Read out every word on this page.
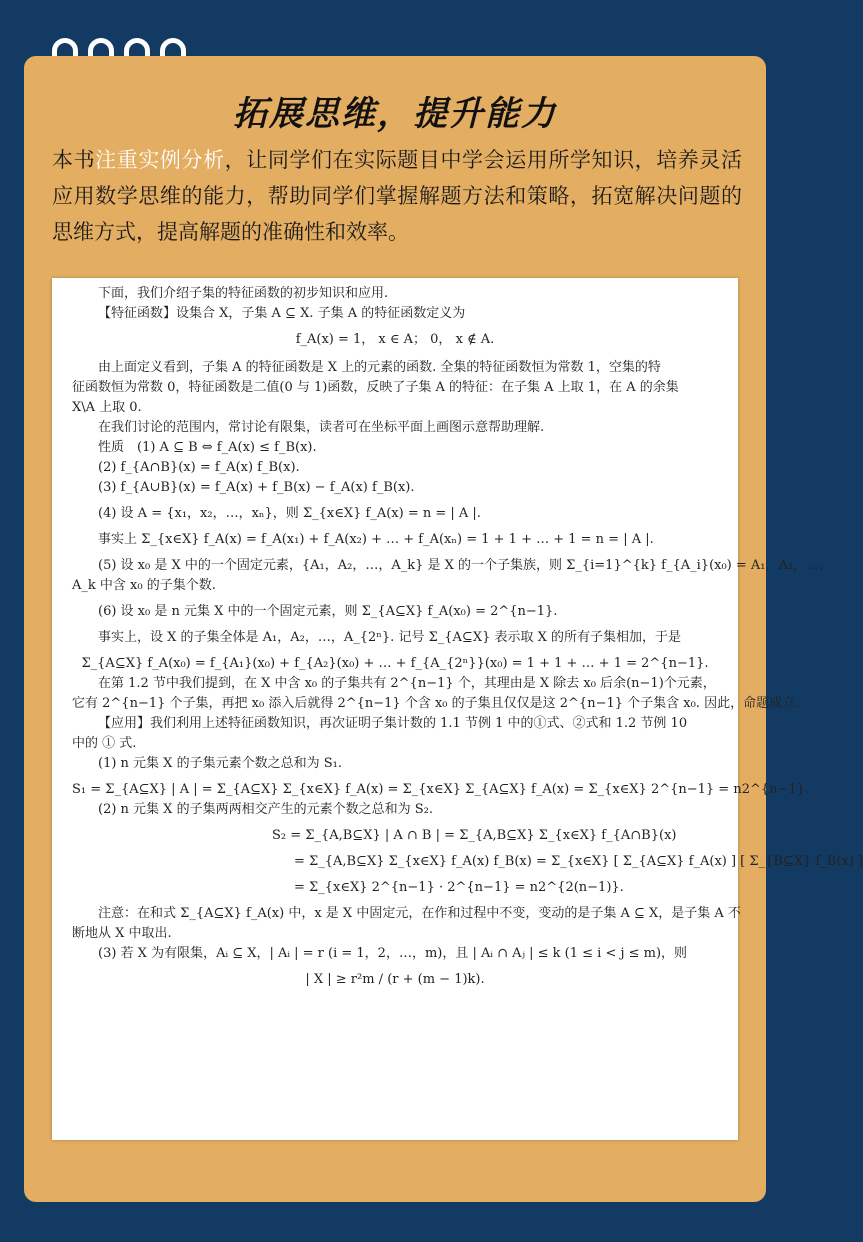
拓展思维，提升能力
本书注重实例分析，让同学们在实际题目中学会运用所学知识，培养灵活应用数学思维的能力，帮助同学们掌握解题方法和策略，拓宽解决问题的思维方式，提高解题的准确性和效率。

下面，我们介绍子集的特征函数的初步知识和应用.

【特征函数】设集合 X，子集 A ⊆ X. 子集 A 的特征函数定义为

f_A(x) = 1， x ∈ A； 0， x ∉ A.

由上面定义看到，子集 A 的特征函数是 X 上的元素的函数. 全集的特征函数恒为常数 1，空集的特

征函数恒为常数 0，特征函数是二值(0 与 1)函数，反映了子集 A 的特征：在子集 A 上取 1，在 A 的余集

X\A 上取 0.

在我们讨论的范围内，常讨论有限集，读者可在坐标平面上画图示意帮助理解.

性质　(1) A ⊆ B ⇔ f_A(x) ≤ f_B(x).

(2) f_{A∩B}(x) = f_A(x) f_B(x).

(3) f_{A∪B}(x) = f_A(x) + f_B(x) − f_A(x) f_B(x).

(4) 设 A = {x₁，x₂，…，xₙ}，则 Σ_{x∈X} f_A(x) = n = | A |.

事实上 Σ_{x∈X} f_A(x) = f_A(x₁) + f_A(x₂) + … + f_A(xₙ) = 1 + 1 + … + 1 = n = | A |.

(5) 设 x₀ 是 X 中的一个固定元素，{A₁，A₂，…，A_k} 是 X 的一个子集族，则 Σ_{i=1}^{k} f_{A_i}(x₀) = A₁，A₂，…，

A_k 中含 x₀ 的子集个数.

(6) 设 x₀ 是 n 元集 X 中的一个固定元素，则 Σ_{A⊆X} f_A(x₀) = 2^{n−1}.

事实上，设 X 的子集全体是 A₁，A₂，…，A_{2ⁿ}. 记号 Σ_{A⊆X} 表示取 X 的所有子集相加，于是

Σ_{A⊆X} f_A(x₀) = f_{A₁}(x₀) + f_{A₂}(x₀) + … + f_{A_{2ⁿ}}(x₀) = 1 + 1 + … + 1 = 2^{n−1}.

在第 1.2 节中我们提到，在 X 中含 x₀ 的子集共有 2^{n−1} 个，其理由是 X 除去 x₀ 后余(n−1)个元素，

它有 2^{n−1} 个子集，再把 x₀ 添入后就得 2^{n−1} 个含 x₀ 的子集且仅仅是这 2^{n−1} 个子集含 x₀. 因此，命题成立.

【应用】我们利用上述特征函数知识，再次证明子集计数的 1.1 节例 1 中的①式、②式和 1.2 节例 10

中的 ① 式.

(1) n 元集 X 的子集元素个数之总和为 S₁.

S₁ = Σ_{A⊆X} | A | = Σ_{A⊆X} Σ_{x∈X} f_A(x) = Σ_{x∈X} Σ_{A⊆X} f_A(x) = Σ_{x∈X} 2^{n−1} = n2^{n−1}.

(2) n 元集 X 的子集两两相交产生的元素个数之总和为 S₂.

S₂ = Σ_{A,B⊆X} | A ∩ B | = Σ_{A,B⊆X} Σ_{x∈X} f_{A∩B}(x)

= Σ_{A,B⊆X} Σ_{x∈X} f_A(x) f_B(x) = Σ_{x∈X} [ Σ_{A⊆X} f_A(x) ] [ Σ_{B⊆X} f_B(x) ]

= Σ_{x∈X} 2^{n−1} · 2^{n−1} = n2^{2(n−1)}.

注意：在和式 Σ_{A⊆X} f_A(x) 中，x 是 X 中固定元，在作和过程中不变，变动的是子集 A ⊆ X，是子集 A 不

断地从 X 中取出.

(3) 若 X 为有限集，Aᵢ ⊆ X，| Aᵢ | = r (i = 1，2，…，m)，且 | Aᵢ ∩ Aⱼ | ≤ k (1 ≤ i < j ≤ m)，则

| X | ≥ r²m / (r + (m − 1)k).
